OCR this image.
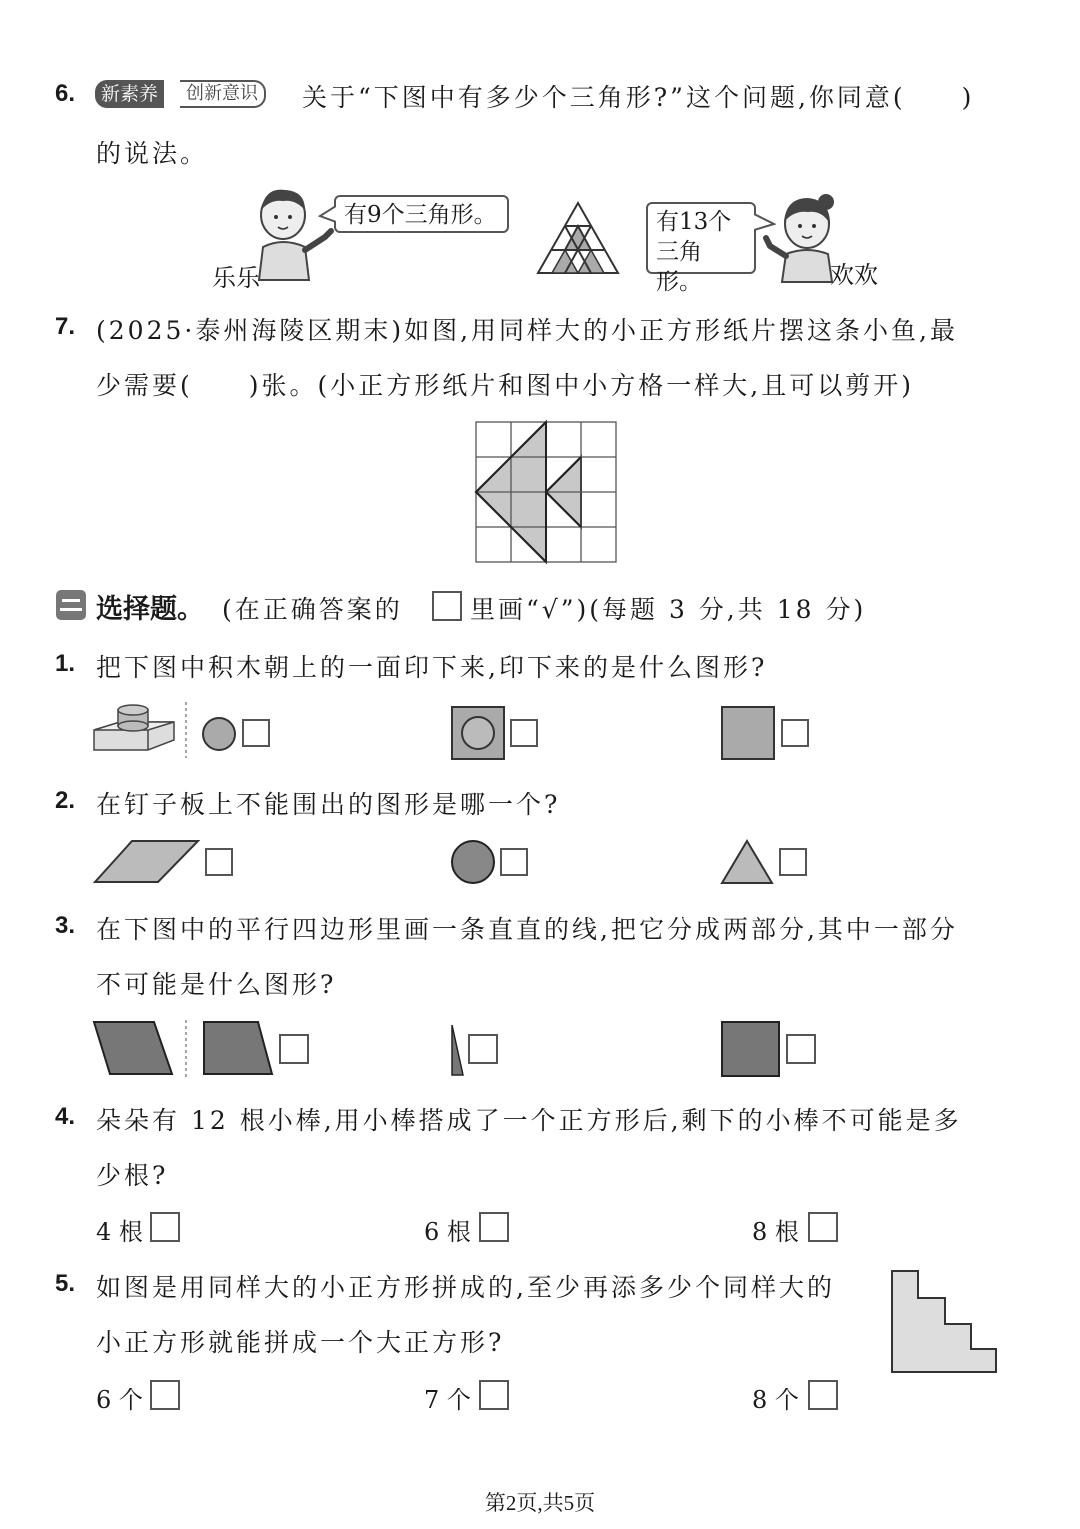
6.	新素养	创新意识	关于“下图中有多少个三角形?”这个问题,你同意(　　)
的说法。
乐乐
有9个三角形。	有13个
三角形。	欢欢
7. (2025·泰州海陵区期末)如图,用同样大的小正方形纸片摆这条小鱼,最
少需要(　　)张。(小正方形纸片和图中小方格一样大,且可以剪开)
选择题。 (在正确答案的	里画“√”)(每题 3 分,共 18 分)
1. 把下图中积木朝上的一面印下来,印下来的是什么图形?
2. 在钉子板上不能围出的图形是哪一个?
3. 在下图中的平行四边形里画一条直直的线,把它分成两部分,其中一部分
不可能是什么图形?
4. 朵朵有 12 根小棒,用小棒搭成了一个正方形后,剩下的小棒不可能是多
少根?
4 根	6 根	8 根
5. 如图是用同样大的小正方形拼成的,至少再添多少个同样大的
小正方形就能拼成一个大正方形?
6 个	7 个	8 个
第2页,共5页
